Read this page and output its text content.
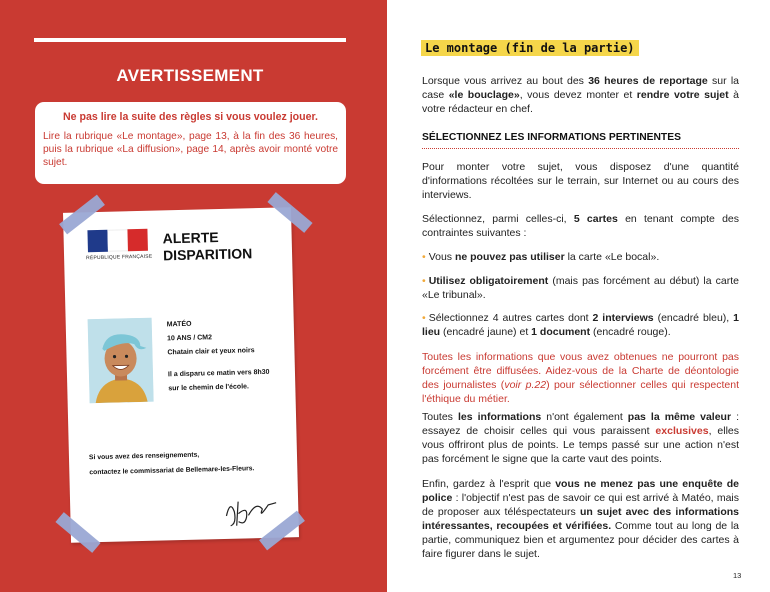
AVERTISSEMENT
Ne pas lire la suite des règles si vous voulez jouer.
Lire la rubrique «Le montage», page 13, à la fin des 36 heures, puis la rubrique «La diffusion», page 14, après avoir monté votre sujet.
RÉPUBLIQUE FRANÇAISE
ALERTE
DISPARITION
MATÉO
10 ANS / CM2
Chatain clair et yeux noirs
Il a disparu ce matin vers 8h30
sur le chemin de l'école.
Si vous avez des renseignements,
contactez le commissariat de Bellemare-les-Fleurs.
Le montage (fin de la partie)

Lorsque vous arrivez au bout des 36 heures de reportage sur la case «le bouclage», vous devez monter et rendre votre sujet à votre rédacteur en chef.

SÉLECTIONNEZ LES INFORMATIONS PERTINENTES

Pour monter votre sujet, vous disposez d'une quantité d'informations récoltées sur le terrain, sur Internet ou au cours des interviews.

Sélectionnez, parmi celles-ci, 5 cartes en tenant compte des contraintes suivantes :

• Vous ne pouvez pas utiliser la carte «Le bocal».

• Utilisez obligatoirement (mais pas forcément au début) la carte «Le tribunal».

• Sélectionnez 4 autres cartes dont 2 interviews (encadré bleu), 1 lieu (encadré jaune) et 1 document (encadré rouge).

Toutes les informations que vous avez obtenues ne pourront pas forcément être diffusées. Aidez-vous de la Charte de déontologie des journalistes (voir p.22) pour sélectionner celles qui respectent l'éthique du métier.

Toutes les informations n'ont également pas la même valeur : essayez de choisir celles qui vous paraissent exclusives, elles vous offriront plus de points. Le temps passé sur une action n'est pas forcément le signe que la carte vaut des points.

Enfin, gardez à l'esprit que vous ne menez pas une enquête de police : l'objectif n'est pas de savoir ce qui est arrivé à Matéo, mais de proposer aux téléspectateurs un sujet avec des informations intéressantes, recoupées et vérifiées. Comme tout au long de la partie, communiquez bien et argumentez pour décider des cartes à faire figurer dans le sujet.

13
